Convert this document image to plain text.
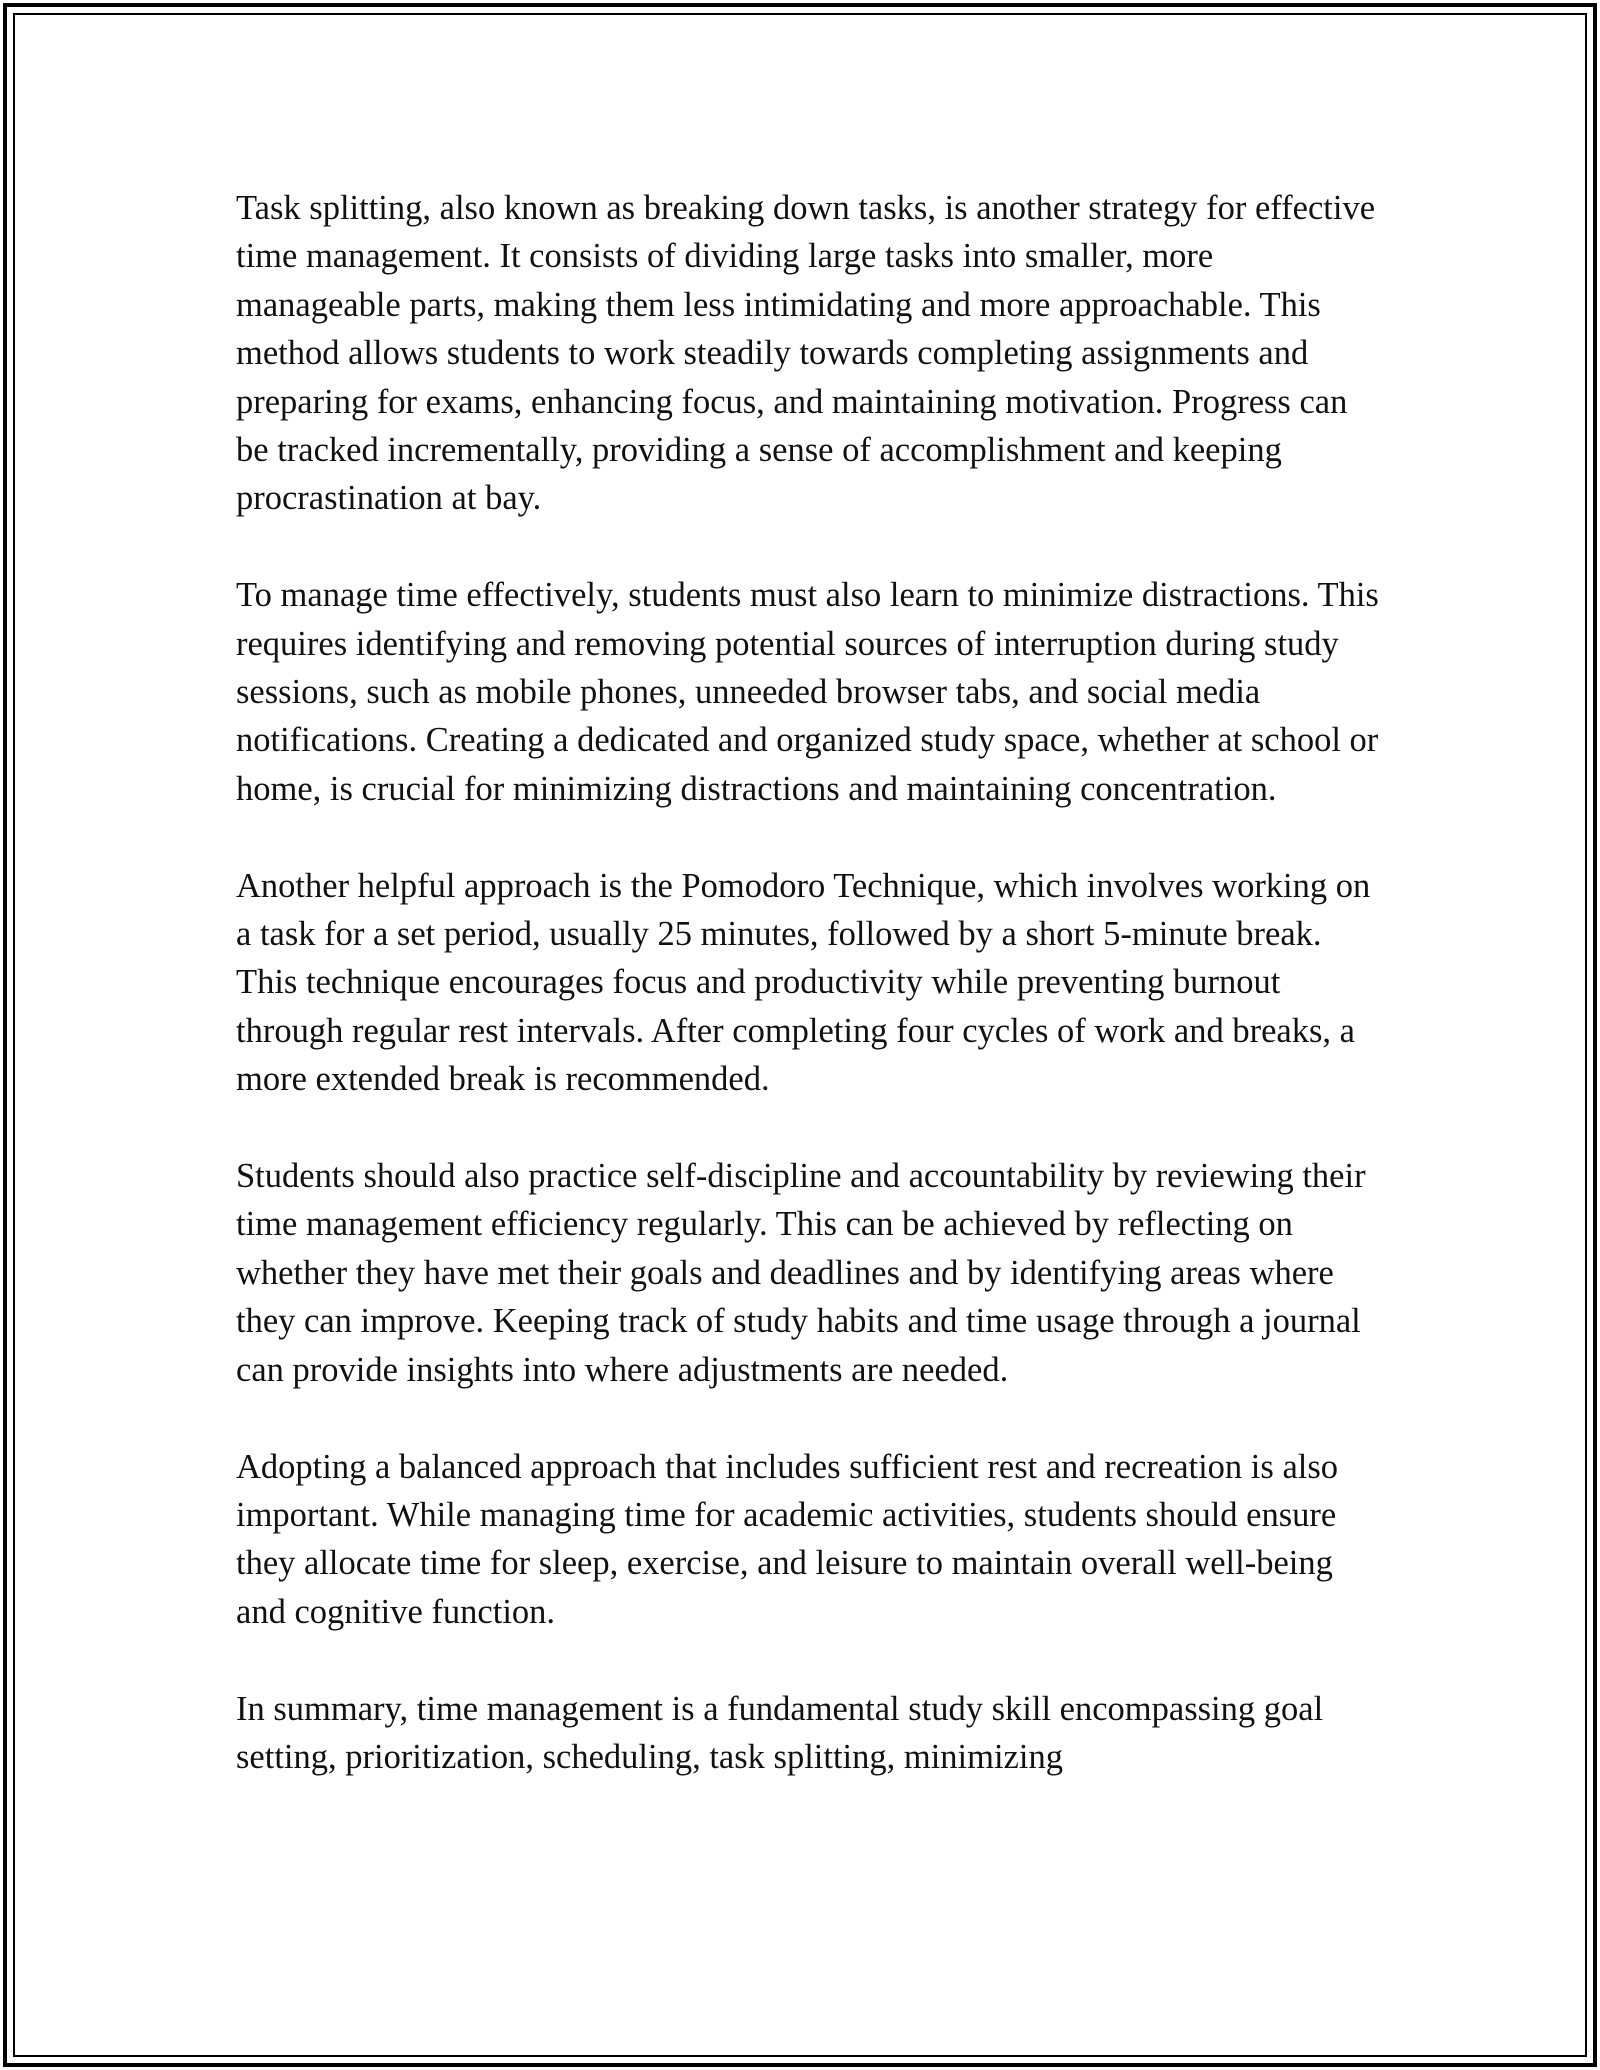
Task splitting, also known as breaking down tasks, is another strategy for effective time management. It consists of dividing large tasks into smaller, more manageable parts, making them less intimidating and more approachable. This method allows students to work steadily towards completing assignments and preparing for exams, enhancing focus, and maintaining motivation. Progress can be tracked incrementally, providing a sense of accomplishment and keeping procrastination at bay.

To manage time effectively, students must also learn to minimize distractions. This requires identifying and removing potential sources of interruption during study sessions, such as mobile phones, unneeded browser tabs, and social media notifications. Creating a dedicated and organized study space, whether at school or home, is crucial for minimizing distractions and maintaining concentration.

Another helpful approach is the Pomodoro Technique, which involves working on a task for a set period, usually 25 minutes, followed by a short 5-minute break. This technique encourages focus and productivity while preventing burnout through regular rest intervals. After completing four cycles of work and breaks, a more extended break is recommended.

Students should also practice self-discipline and accountability by reviewing their time management efficiency regularly. This can be achieved by reflecting on whether they have met their goals and deadlines and by identifying areas where they can improve. Keeping track of study habits and time usage through a journal can provide insights into where adjustments are needed.

Adopting a balanced approach that includes sufficient rest and recreation is also important. While managing time for academic activities, students should ensure they allocate time for sleep, exercise, and leisure to maintain overall well-being and cognitive function.

In summary, time management is a fundamental study skill encompassing goal setting, prioritization, scheduling, task splitting, minimizing
